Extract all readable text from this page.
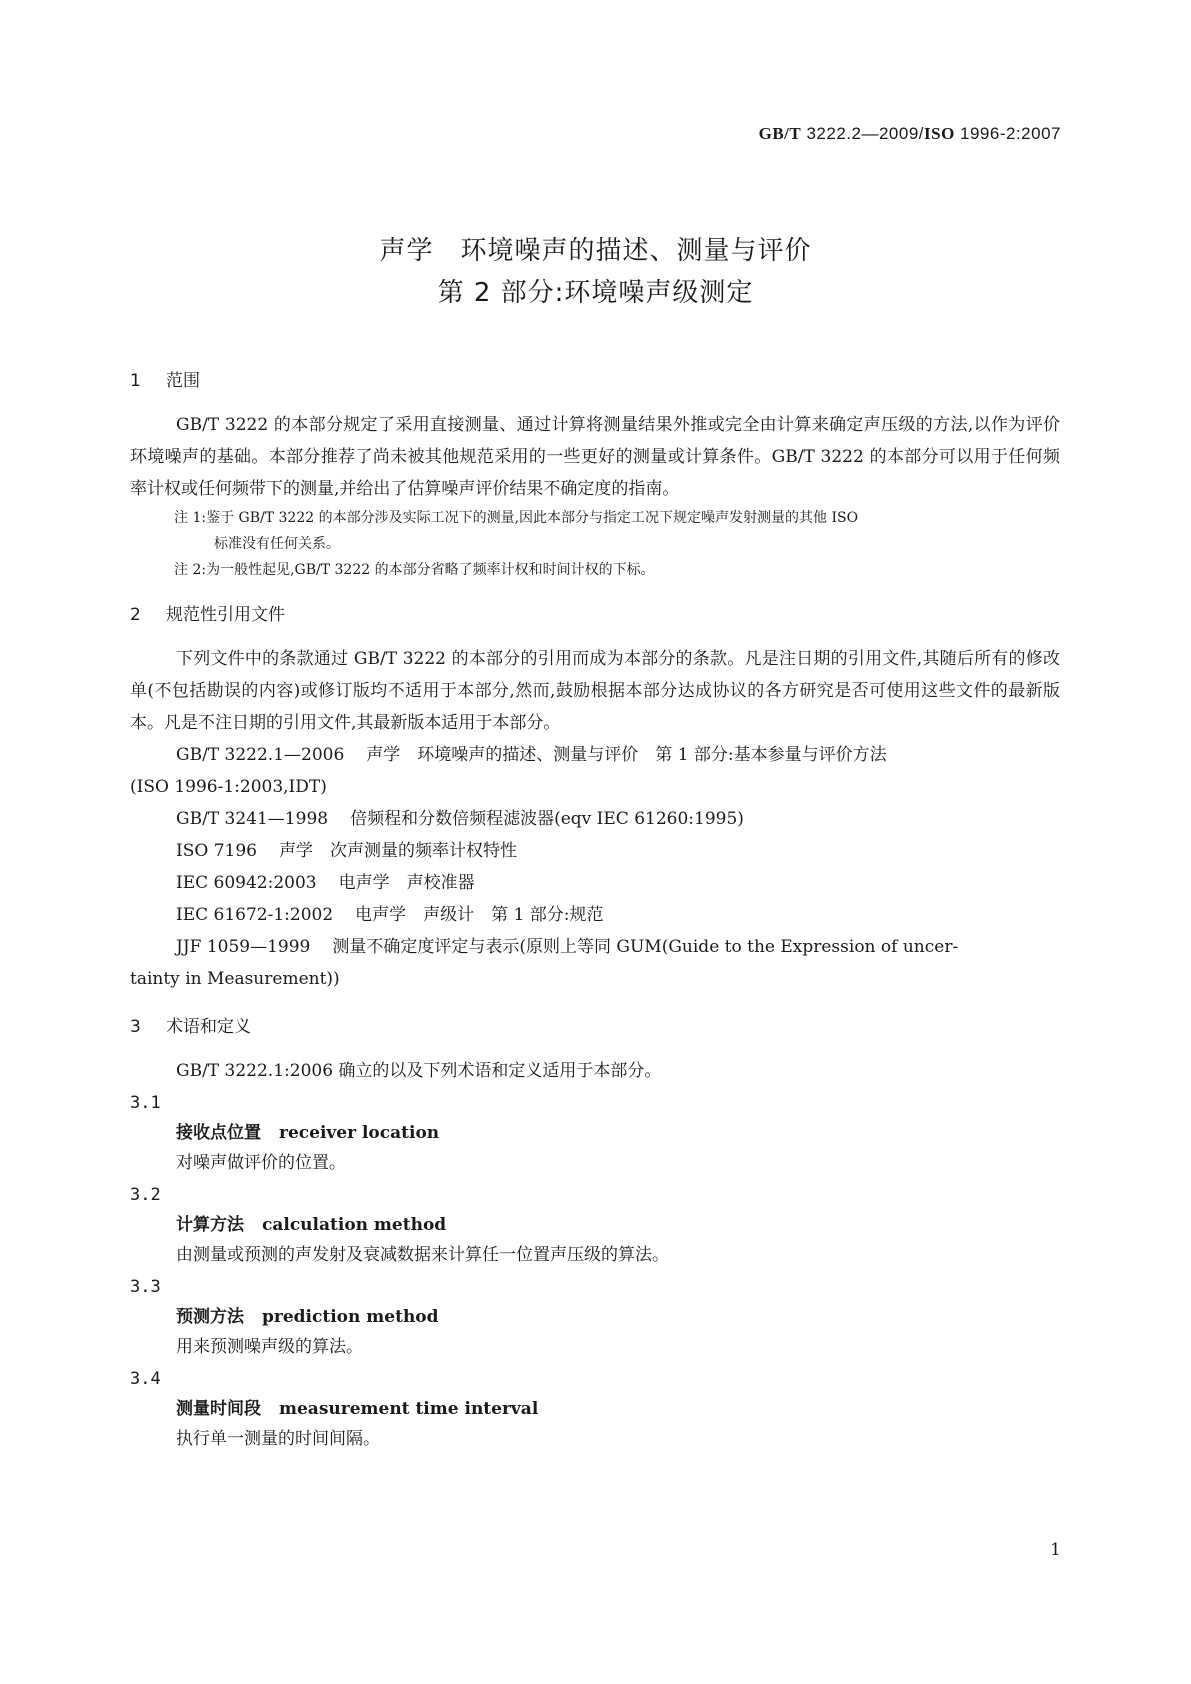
GB/T 3222.2—2009/ISO 1996-2:2007
声学　环境噪声的描述、测量与评价
第 2 部分:环境噪声级测定
1 范围

GB/T 3222 的本部分规定了采用直接测量、通过计算将测量结果外推或完全由计算来确定声压级的方法,以作为评价环境噪声的基础。本部分推荐了尚未被其他规范采用的一些更好的测量或计算条件。GB/T 3222 的本部分可以用于任何频率计权或任何频带下的测量,并给出了估算噪声评价结果不确定度的指南。

注 1:鉴于 GB/T 3222 的本部分涉及实际工况下的测量,因此本部分与指定工况下规定噪声发射测量的其他 ISO

标准没有任何关系。

注 2:为一般性起见,GB/T 3222 的本部分省略了频率计权和时间计权的下标。

2 规范性引用文件

下列文件中的条款通过 GB/T 3222 的本部分的引用而成为本部分的条款。凡是注日期的引用文件,其随后所有的修改单(不包括勘误的内容)或修订版均不适用于本部分,然而,鼓励根据本部分达成协议的各方研究是否可使用这些文件的最新版本。凡是不注日期的引用文件,其最新版本适用于本部分。

GB/T 3222.1—2006 声学　环境噪声的描述、测量与评价　第 1 部分:基本参量与评价方法

(ISO 1996-1:2003,IDT)

GB/T 3241—1998 倍频程和分数倍频程滤波器(eqv IEC 61260:1995)

ISO 7196 声学　次声测量的频率计权特性

IEC 60942:2003 电声学　声校准器

IEC 61672-1:2002 电声学　声级计　第 1 部分:规范

JJF 1059—1999 测量不确定度评定与表示(原则上等同 GUM(Guide to the Expression of uncer-

tainty in Measurement))

3 术语和定义

GB/T 3222.1:2006 确立的以及下列术语和定义适用于本部分。

3.1

接收点位置 receiver location

对噪声做评价的位置。

3.2

计算方法 calculation method

由测量或预测的声发射及衰减数据来计算任一位置声压级的算法。

3.3

预测方法 prediction method

用来预测噪声级的算法。

3.4

测量时间段 measurement time interval

执行单一测量的时间间隔。

1
